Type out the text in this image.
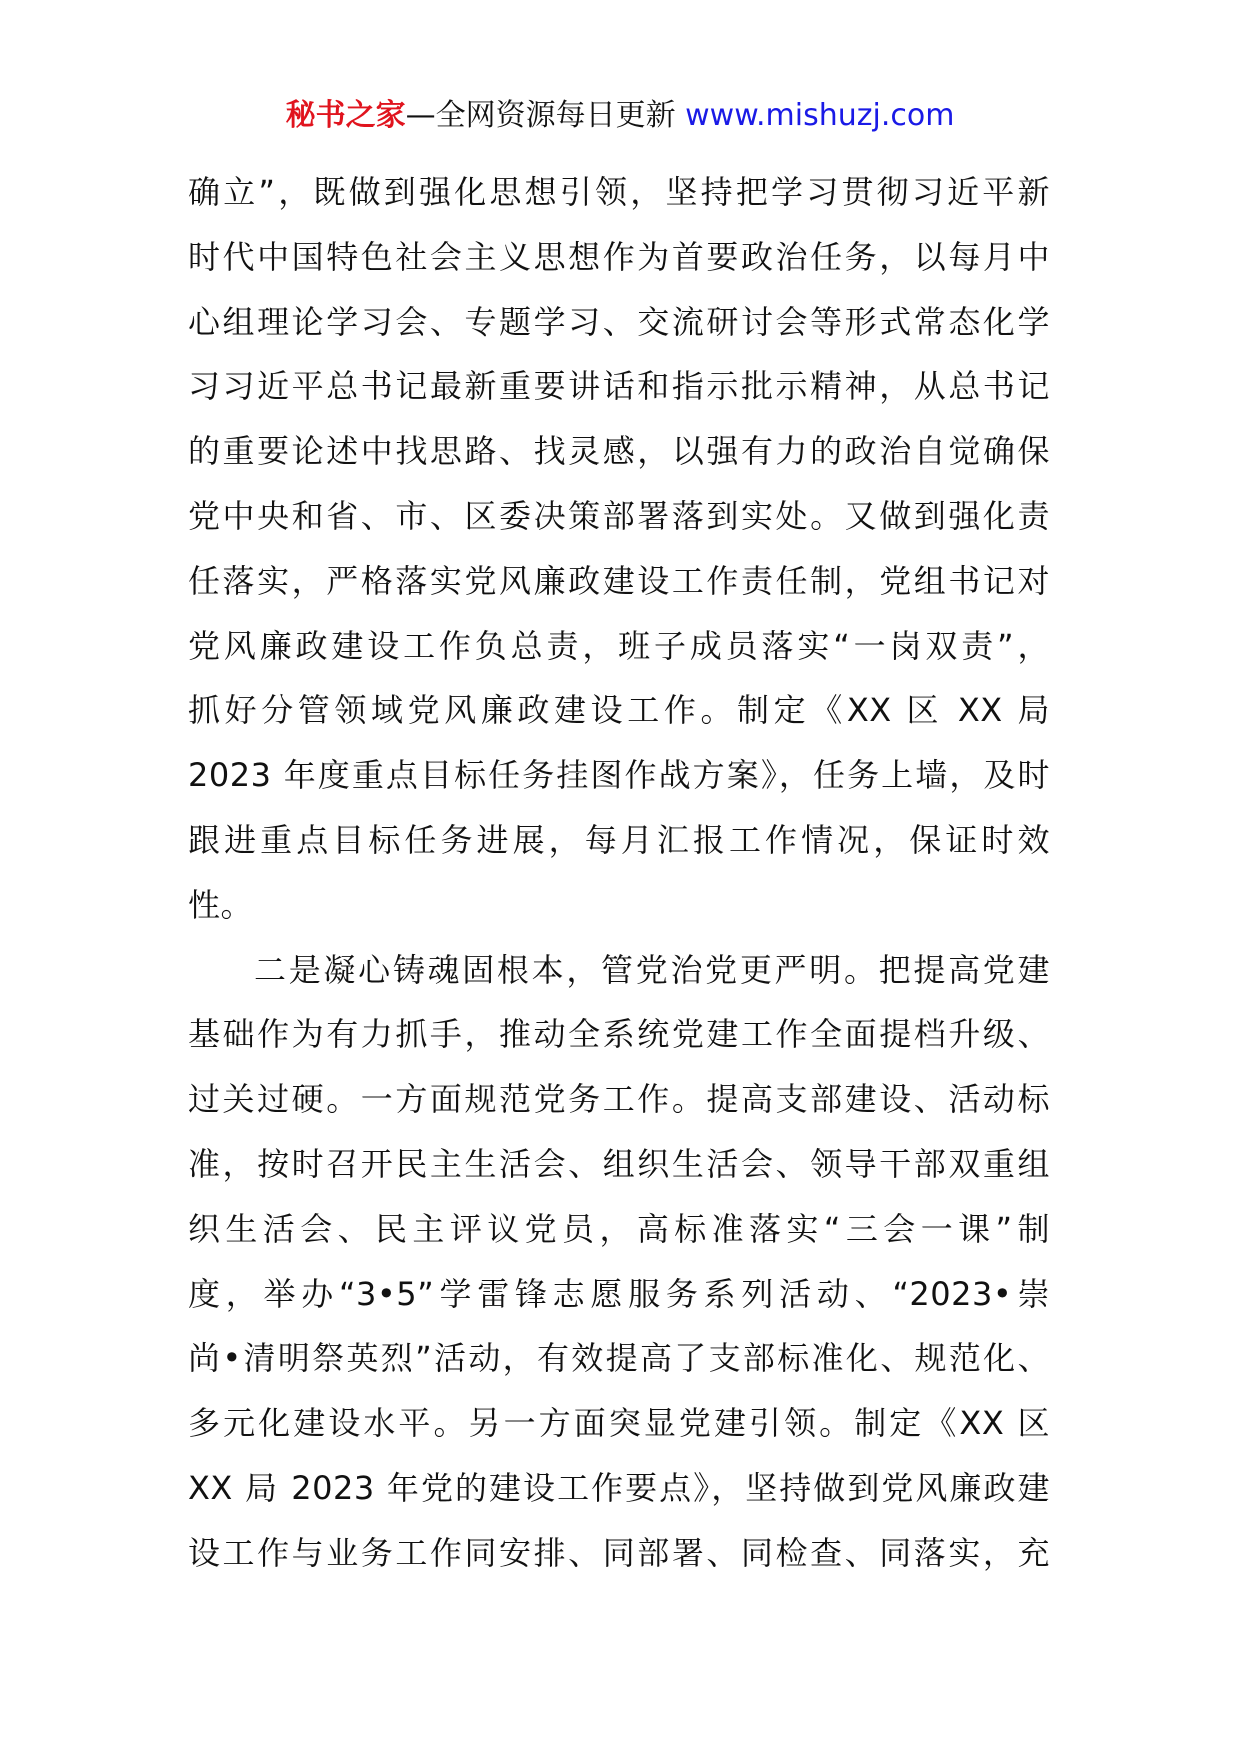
秘书之家—全网资源每日更新 www.mishuzj.com
确立”，既做到强化思想引领，坚持把学习贯彻习近平新
时代中国特色社会主义思想作为首要政治任务，以每月中
心组理论学习会、专题学习、交流研讨会等形式常态化学
习习近平总书记最新重要讲话和指示批示精神，从总书记
的重要论述中找思路、找灵感，以强有力的政治自觉确保
党中央和省、市、区委决策部署落到实处。又做到强化责
任落实，严格落实党风廉政建设工作责任制，党组书记对
党风廉政建设工作负总责，班子成员落实“一岗双责”，
抓好分管领域党风廉政建设工作。制定《XX 区 XX 局
2023 年度重点目标任务挂图作战方案》，任务上墙，及时
跟进重点目标任务进展，每月汇报工作情况，保证时效
性。
二是凝心铸魂固根本，管党治党更严明。把提高党建
基础作为有力抓手，推动全系统党建工作全面提档升级、
过关过硬。一方面规范党务工作。提高支部建设、活动标
准，按时召开民主生活会、组织生活会、领导干部双重组
织生活会、民主评议党员，高标准落实“三会一课”制
度，举办“3•5”学雷锋志愿服务系列活动、“2023•崇
尚•清明祭英烈”活动，有效提高了支部标准化、规范化、
多元化建设水平。另一方面突显党建引领。制定《XX 区
XX 局 2023 年党的建设工作要点》，坚持做到党风廉政建
设工作与业务工作同安排、同部署、同检查、同落实，充
